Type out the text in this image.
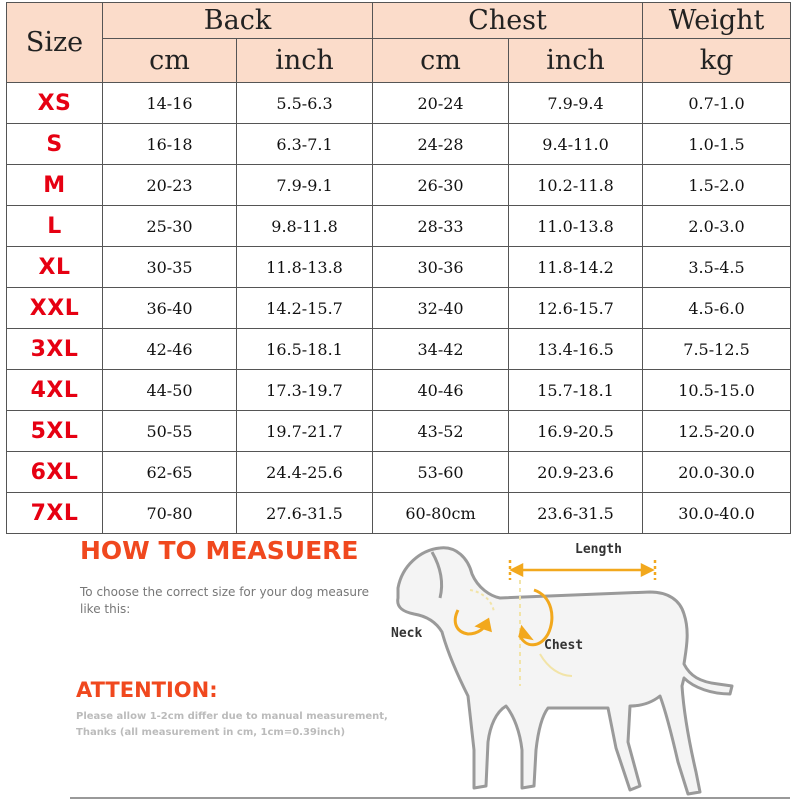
Size	Back		Chest		Weight
	cm	inch	cm	inch	kg
XS	14-16	5.5-6.3	20-24	7.9-9.4	0.7-1.0
S	16-18	6.3-7.1	24-28	9.4-11.0	1.0-1.5
M	20-23	7.9-9.1	26-30	10.2-11.8	1.5-2.0
L	25-30	9.8-11.8	28-33	11.0-13.8	2.0-3.0
XL	30-35	11.8-13.8	30-36	11.8-14.2	3.5-4.5
XXL	36-40	14.2-15.7	32-40	12.6-15.7	4.5-6.0
3XL	42-46	16.5-18.1	34-42	13.4-16.5	7.5-12.5
4XL	44-50	17.3-19.7	40-46	15.7-18.1	10.5-15.0
5XL	50-55	19.7-21.7	43-52	16.9-20.5	12.5-20.0
6XL	62-65	24.4-25.6	53-60	20.9-23.6	20.0-30.0
7XL	70-80	27.6-31.5	60-80cm	23.6-31.5	30.0-40.0
HOW TO MEASUERE
To choose the correct size for your dog measure like this:
ATTENTION:
Please allow 1-2cm differ due to manual measurement, Thanks (all measurement in cm, 1cm=0.39inch)
Length
Neck
Chest
